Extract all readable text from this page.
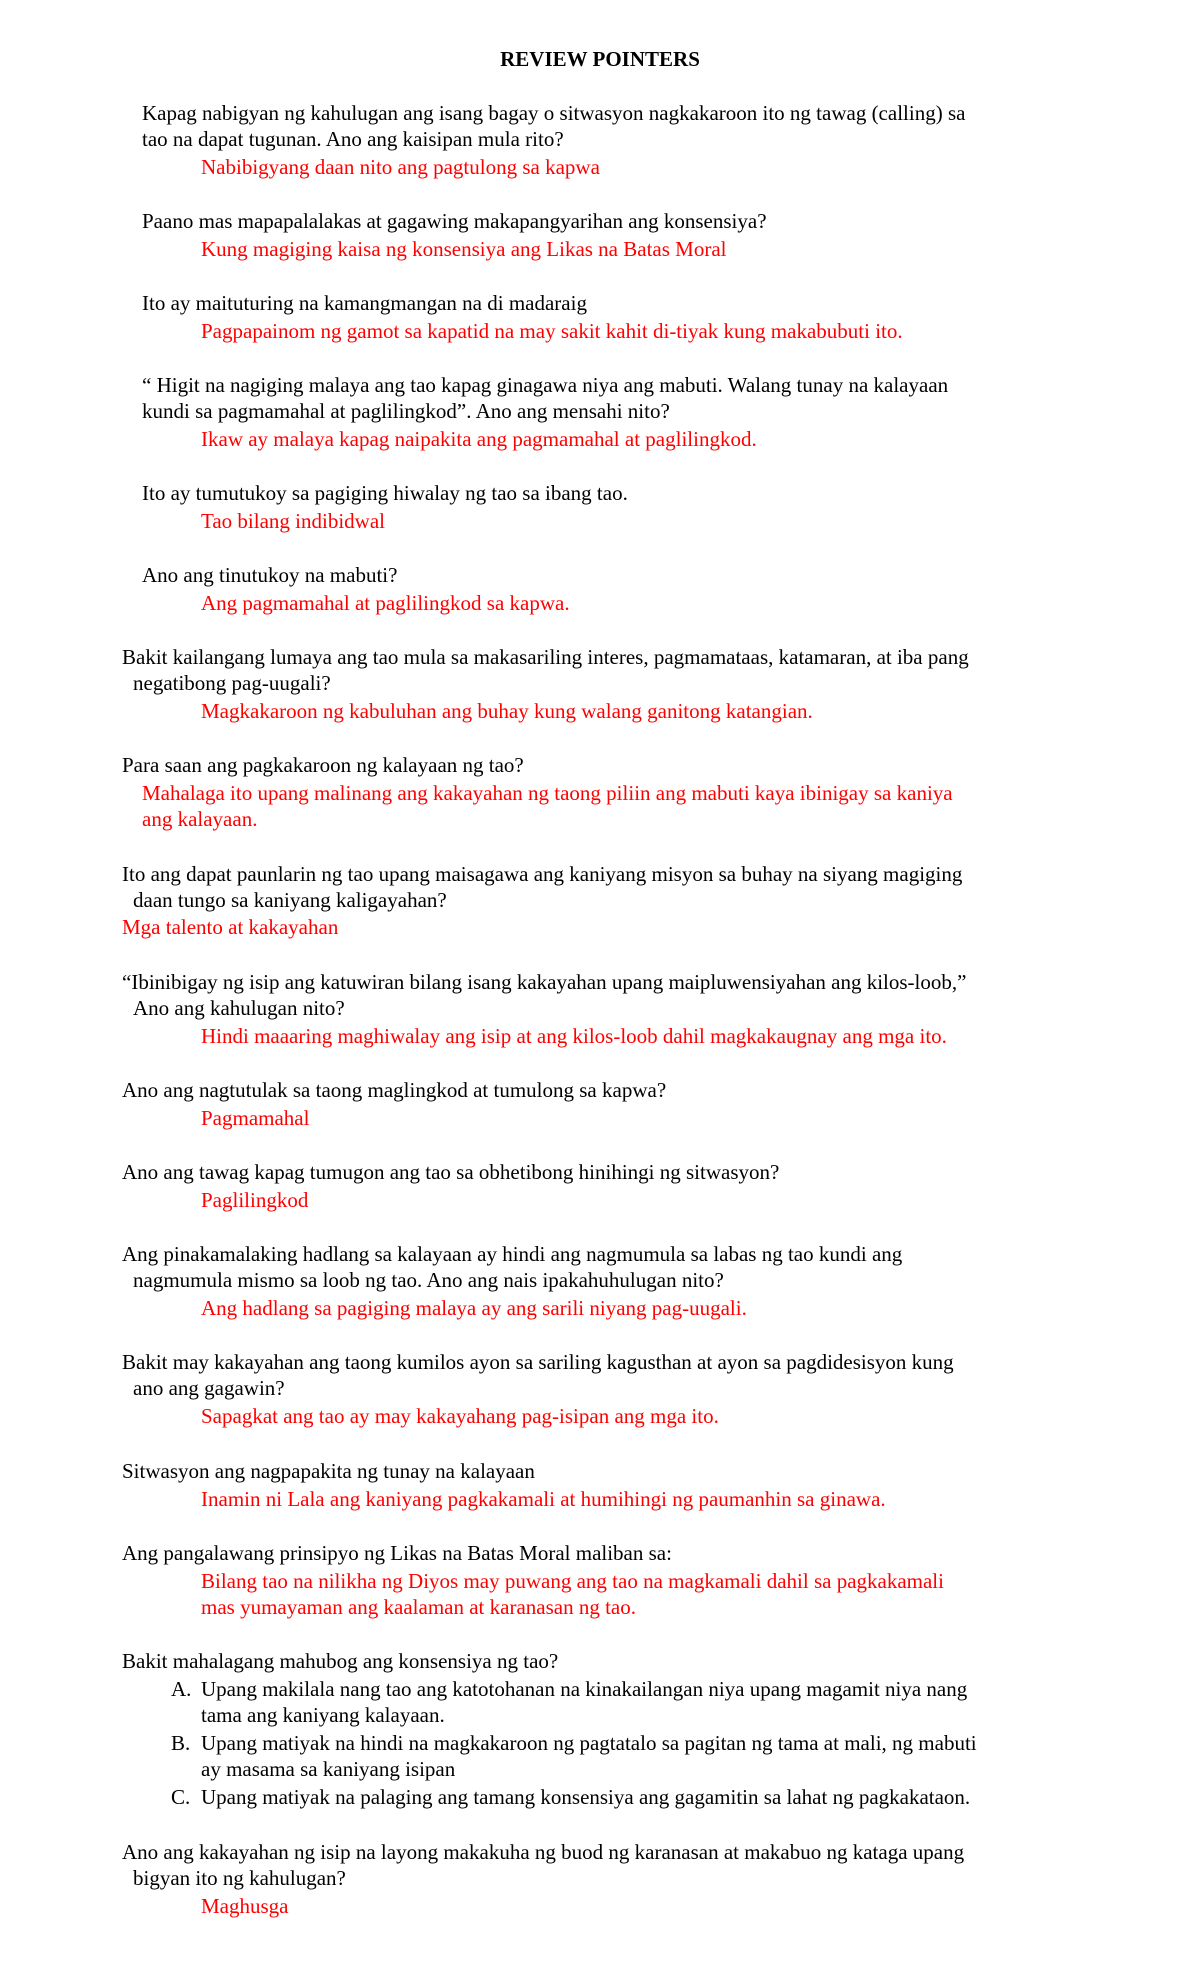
REVIEW POINTERS

Kapag nabigyan ng kahulugan ang isang bagay o sitwasyon nagkakaroon ito ng tawag (calling) sa

tao na dapat tugunan. Ano ang kaisipan mula rito?

Nabibigyang daan nito ang pagtulong sa kapwa

Paano mas mapapalalakas at gagawing makapangyarihan ang konsensiya?

Kung magiging kaisa ng konsensiya ang Likas na Batas Moral

Ito ay maituturing na kamangmangan na di madaraig

Pagpapainom ng gamot sa kapatid na may sakit kahit di-tiyak kung makabubuti ito.

“ Higit na nagiging malaya ang tao kapag ginagawa niya ang mabuti. Walang tunay na kalayaan

kundi sa pagmamahal at paglilingkod”. Ano ang mensahi nito?

Ikaw ay malaya kapag naipakita ang pagmamahal at paglilingkod.

Ito ay tumutukoy sa pagiging hiwalay ng tao sa ibang tao.

Tao bilang indibidwal

Ano ang tinutukoy na mabuti?

Ang pagmamahal at paglilingkod sa kapwa.

Bakit kailangang lumaya ang tao mula sa makasariling interes, pagmamataas, katamaran, at iba pang

negatibong pag-uugali?

Magkakaroon ng kabuluhan ang buhay kung walang ganitong katangian.

Para saan ang pagkakaroon ng kalayaan ng tao?

Mahalaga ito upang malinang ang kakayahan ng taong piliin ang mabuti kaya ibinigay sa kaniya

ang kalayaan.

Ito ang dapat paunlarin ng tao upang maisagawa ang kaniyang misyon sa buhay na siyang magiging

daan tungo sa kaniyang kaligayahan?

Mga talento at kakayahan

“Ibinibigay ng isip ang katuwiran bilang isang kakayahan upang maipluwensiyahan ang kilos-loob,”

Ano ang kahulugan nito?

Hindi maaaring maghiwalay ang isip at ang kilos-loob dahil magkakaugnay ang mga ito.

Ano ang nagtutulak sa taong maglingkod at tumulong sa kapwa?

Pagmamahal

Ano ang tawag kapag tumugon ang tao sa obhetibong hinihingi ng sitwasyon?

Paglilingkod

Ang pinakamalaking hadlang sa kalayaan ay hindi ang nagmumula sa labas ng tao kundi ang

nagmumula mismo sa loob ng tao. Ano ang nais ipakahuhulugan nito?

Ang hadlang sa pagiging malaya ay ang sarili niyang pag-uugali.

Bakit may kakayahan ang taong kumilos ayon sa sariling kagusthan at ayon sa pagdidesisyon kung

ano ang gagawin?

Sapagkat ang tao ay may kakayahang pag-isipan ang mga ito.

Sitwasyon ang nagpapakita ng tunay na kalayaan

Inamin ni Lala ang kaniyang pagkakamali at humihingi ng paumanhin sa ginawa.

Ang pangalawang prinsipyo ng Likas na Batas Moral maliban sa:

Bilang tao na nilikha ng Diyos may puwang ang tao na magkamali dahil sa pagkakamali

mas yumayaman ang kaalaman at karanasan ng tao.

Bakit mahalagang mahubog ang konsensiya ng tao?

A. Upang makilala nang tao ang katotohanan na kinakailangan niya upang magamit niya nang

tama ang kaniyang kalayaan.

B. Upang matiyak na hindi na magkakaroon ng pagtatalo sa pagitan ng tama at mali, ng mabuti

ay masama sa kaniyang isipan

C. Upang matiyak na palaging ang tamang konsensiya ang gagamitin sa lahat ng pagkakataon.

Ano ang kakayahan ng isip na layong makakuha ng buod ng karanasan at makabuo ng kataga upang

bigyan ito ng kahulugan?

Maghusga
